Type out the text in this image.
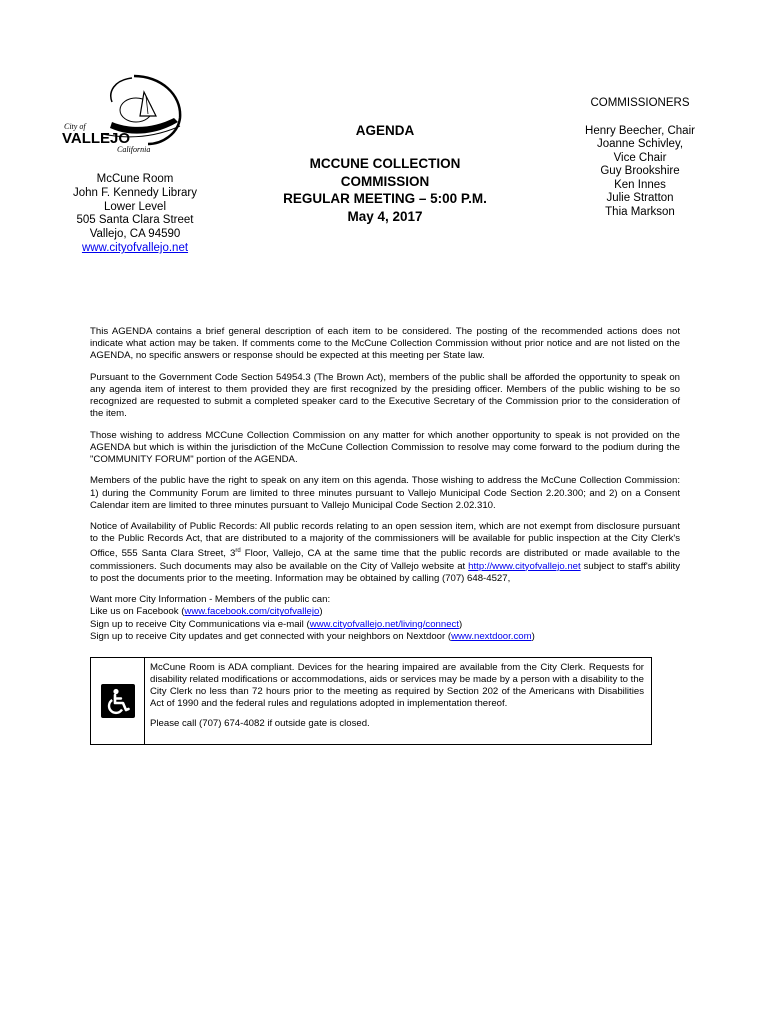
City of
VALLEJO
California
McCune Room
John F. Kennedy Library
Lower Level
505 Santa Clara Street
Vallejo, CA 94590
www.cityofvallejo.net
AGENDA
MCCUNE COLLECTION
COMMISSION
REGULAR MEETING – 5:00 P.M.
May 4, 2017
COMMISSIONERS
Henry Beecher, Chair
Joanne Schivley,
Vice Chair
Guy Brookshire
Ken Innes
Julie Stratton
Thia Markson

This AGENDA contains a brief general description of each item to be considered. The posting of the recommended actions does not indicate what action may be taken. If comments come to the McCune Collection Commission without prior notice and are not listed on the AGENDA, no specific answers or response should be expected at this meeting per State law.

Pursuant to the Government Code Section 54954.3 (The Brown Act), members of the public shall be afforded the opportunity to speak on any agenda item of interest to them provided they are first recognized by the presiding officer. Members of the public wishing to be so recognized are requested to submit a completed speaker card to the Executive Secretary of the Commission prior to the consideration of the item.

Those wishing to address MCCune Collection Commission on any matter for which another opportunity to speak is not provided on the AGENDA but which is within the jurisdiction of the McCune Collection Commission to resolve may come forward to the podium during the "COMMUNITY FORUM" portion of the AGENDA.

Members of the public have the right to speak on any item on this agenda. Those wishing to address the McCune Collection Commission: 1) during the Community Forum are limited to three minutes pursuant to Vallejo Municipal Code Section 2.20.300; and 2) on a Consent Calendar item are limited to three minutes pursuant to Vallejo Municipal Code Section 2.02.310.

Notice of Availability of Public Records: All public records relating to an open session item, which are not exempt from disclosure pursuant to the Public Records Act, that are distributed to a majority of the commissioners will be available for public inspection at the City Clerk's Office, 555 Santa Clara Street, 3rd Floor, Vallejo, CA at the same time that the public records are distributed or made available to the commissioners. Such documents may also be available on the City of Vallejo website at http://www.cityofvallejo.net subject to staff's ability to post the documents prior to the meeting. Information may be obtained by calling (707) 648-4527,

Want more City Information - Members of the public can:
Like us on Facebook (www.facebook.com/cityofvallejo)
Sign up to receive City Communications via e-mail (www.cityofvallejo.net/living/connect)
Sign up to receive City updates and get connected with your neighbors on Nextdoor (www.nextdoor.com)

McCune Room is ADA compliant. Devices for the hearing impaired are available from the City Clerk. Requests for disability related modifications or accommodations, aids or services may be made by a person with a disability to the City Clerk no less than 72 hours prior to the meeting as required by Section 202 of the Americans with Disabilities Act of 1990 and the federal rules and regulations adopted in implementation thereof.

Please call (707) 674-4082 if outside gate is closed.
